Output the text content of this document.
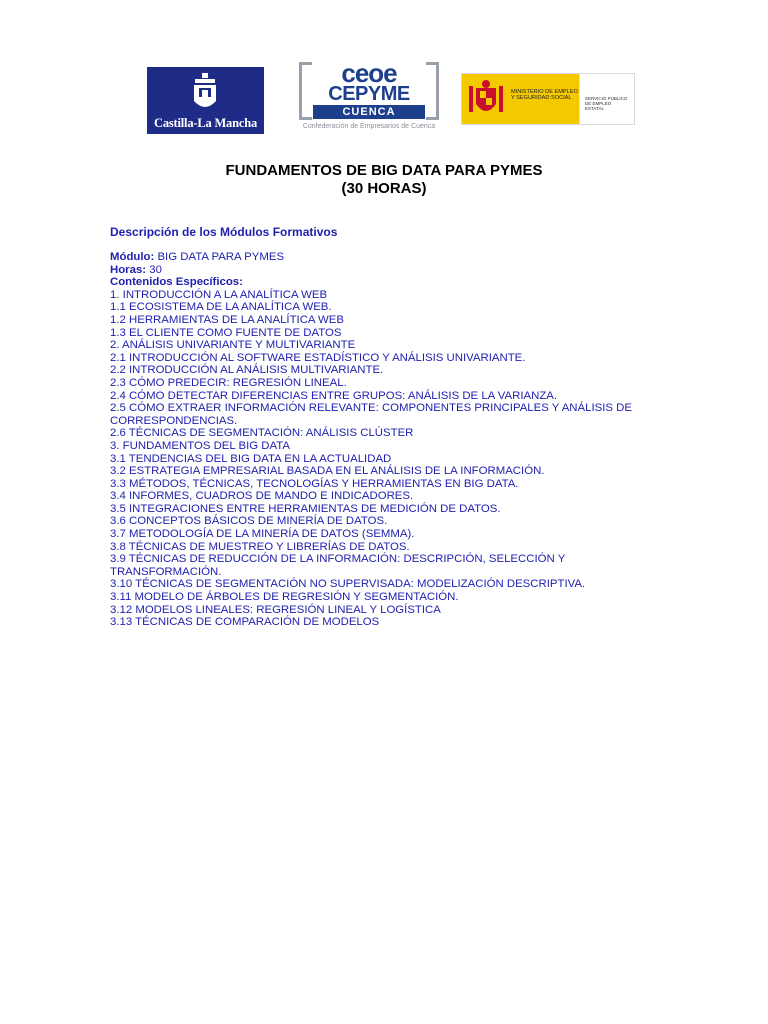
Castilla-La Mancha
ceoe
CEPYME
CUENCA
Confederación de Empresarios de Cuenca
MINISTERIO DE EMPLEO Y SEGURIDAD SOCIAL	SERVICIO PÚBLICO DE EMPLEO ESTATAL
FUNDAMENTOS DE BIG DATA PARA PYMES
(30 HORAS)
Descripción de los Módulos Formativos
Módulo: BIG DATA PARA PYMES
Horas: 30
Contenidos Específicos:
1. INTRODUCCIÓN A LA ANALÍTICA WEB
1.1 ECOSISTEMA DE LA ANALÍTICA WEB.
1.2 HERRAMIENTAS DE LA ANALÍTICA WEB
1.3 EL CLIENTE COMO FUENTE DE DATOS
2. ANÁLISIS UNIVARIANTE Y MULTIVARIANTE
2.1 INTRODUCCIÓN AL SOFTWARE ESTADÍSTICO Y ANÁLISIS UNIVARIANTE.
2.2 INTRODUCCIÓN AL ANÁLISIS MULTIVARIANTE.
2.3 CÓMO PREDECIR: REGRESIÓN LINEAL.
2.4 CÓMO DETECTAR DIFERENCIAS ENTRE GRUPOS: ANÁLISIS DE LA VARIANZA.
2.5 CÓMO EXTRAER INFORMACIÓN RELEVANTE: COMPONENTES PRINCIPALES Y ANÁLISIS DE CORRESPONDENCIAS.
2.6 TÉCNICAS DE SEGMENTACIÓN: ANÁLISIS CLÚSTER
3. FUNDAMENTOS DEL BIG DATA
3.1 TENDENCIAS DEL BIG DATA EN LA ACTUALIDAD
3.2 ESTRATEGIA EMPRESARIAL BASADA EN EL ANÁLISIS DE LA INFORMACIÓN.
3.3 MÉTODOS, TÉCNICAS, TECNOLOGÍAS Y HERRAMIENTAS EN BIG DATA.
3.4 INFORMES, CUADROS DE MANDO E INDICADORES.
3.5 INTEGRACIONES ENTRE HERRAMIENTAS DE MEDICIÓN DE DATOS.
3.6 CONCEPTOS BÁSICOS DE MINERÍA DE DATOS.
3.7 METODOLOGÍA DE LA MINERÍA DE DATOS (SEMMA).
3.8 TÉCNICAS DE MUESTREO Y LIBRERÍAS DE DATOS.
3.9 TÉCNICAS DE REDUCCIÓN DE LA INFORMACIÓN: DESCRIPCIÓN, SELECCIÓN Y TRANSFORMACIÓN.
3.10 TÉCNICAS DE SEGMENTACIÓN NO SUPERVISADA: MODELIZACIÓN DESCRIPTIVA.
3.11 MODELO DE ÁRBOLES DE REGRESIÓN Y SEGMENTACIÓN.
3.12 MODELOS LINEALES: REGRESIÓN LINEAL Y LOGÍSTICA
3.13 TÉCNICAS DE COMPARACIÓN DE MODELOS
